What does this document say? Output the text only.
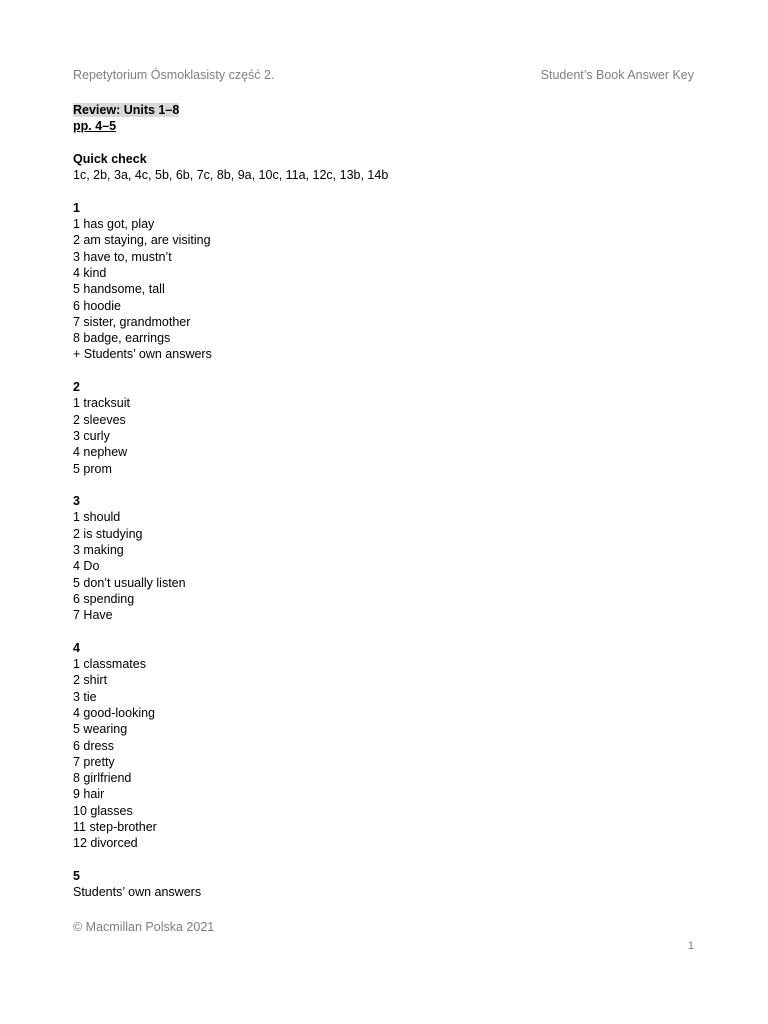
Repetytorium Ósmoklasisty część 2.	Student’s Book Answer Key
Review: Units 1–8
pp. 4–5
Quick check
1c, 2b, 3a, 4c, 5b, 6b, 7c, 8b, 9a, 10c, 11a, 12c, 13b, 14b
1
1 has got, play
2 am staying, are visiting
3 have to, mustn’t
4 kind
5 handsome, tall
6 hoodie
7 sister, grandmother
8 badge, earrings
+ Students’ own answers
2
1 tracksuit
2 sleeves
3 curly
4 nephew
5 prom
3
1 should
2 is studying
3 making
4 Do
5 don’t usually listen
6 spending
7 Have
4
1 classmates
2 shirt
3 tie
4 good-looking
5 wearing
6 dress
7 pretty
8 girlfriend
9 hair
10 glasses
11 step-brother
12 divorced
5
Students’ own answers
© Macmillan Polska 2021
1
